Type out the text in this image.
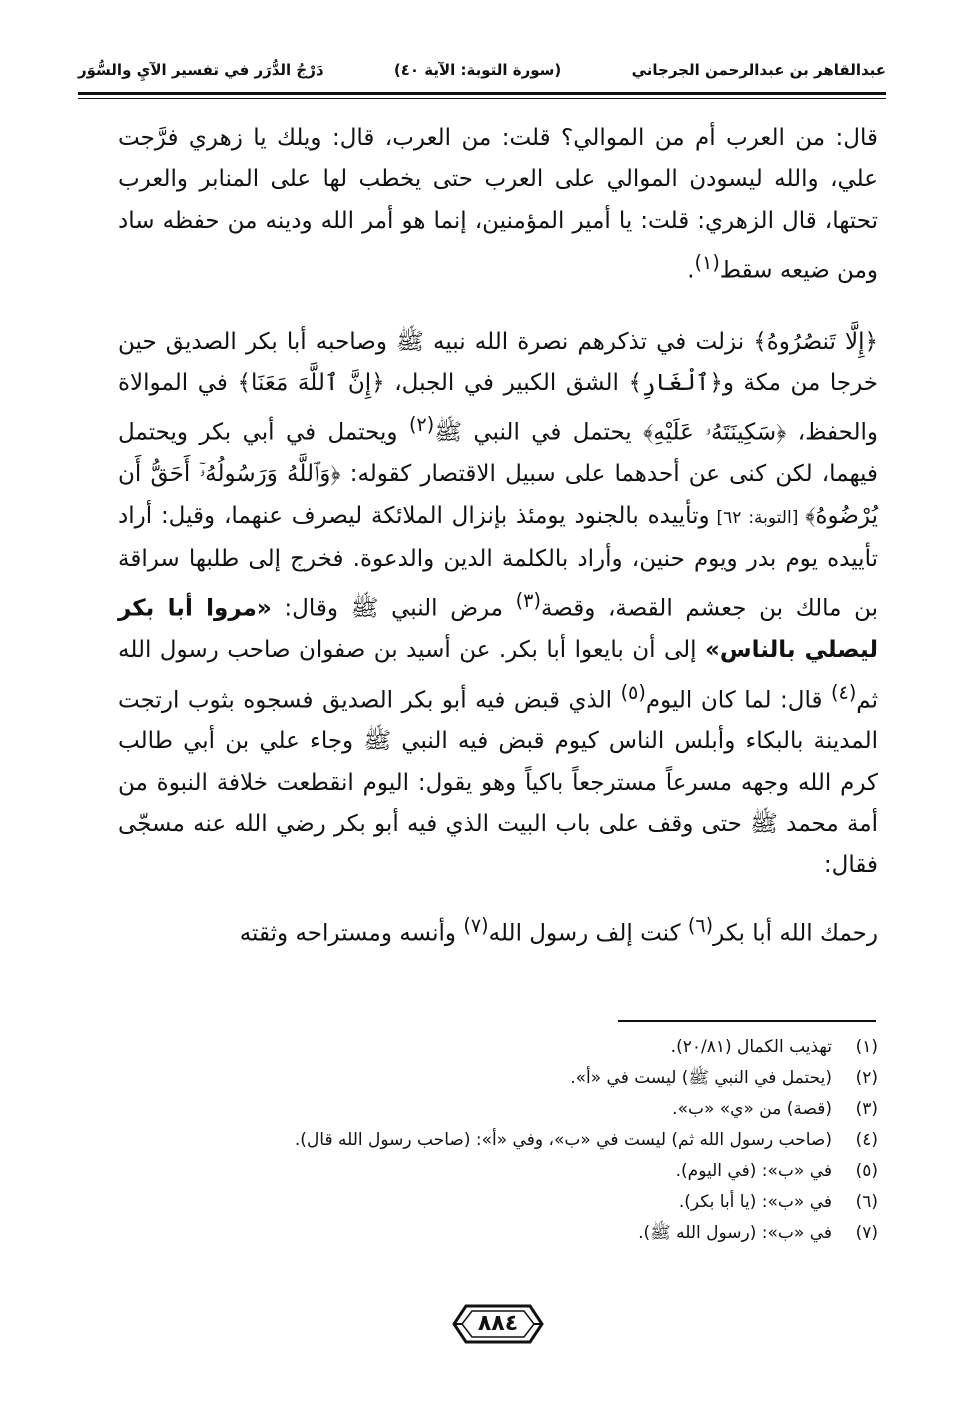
عبدالقاهر بن عبدالرحمن الجرجاني
(سورة التوبة: الآية ٤٠)
دَرْجُ الدُّرَر في تفسير الآيِ والسُّوَر

قال: من العرب أم من الموالي؟ قلت: من العرب، قال: ويلك يا زهري فرَّجت علي، والله ليسودن الموالي على العرب حتى يخطب لها على المنابر والعرب تحتها، قال الزهري: قلت: يا أمير المؤمنين، إنما هو أمر الله ودينه من حفظه ساد ومن ضيعه سقط$^{(١)}$.

﴿إِلَّا تَنصُرُوهُ﴾ نزلت في تذكرهم نصرة الله نبيه ﷺ وصاحبه أبا بكر الصديق حين خرجا من مكة و﴿ٱلْغَارِ﴾ الشق الكبير في الجبل، ﴿إِنَّ ٱللَّهَ مَعَنَا﴾ في الموالاة والحفظ، ﴿سَكِينَتَهُۥ عَلَيْهِ﴾ يحتمل في النبي ﷺ$^{(٢)}$ ويحتمل في أبي بكر ويحتمل فيهما، لكن كنى عن أحدهما على سبيل الاقتصار كقوله: ﴿وَٱللَّهُ وَرَسُولُهُۥٓ أَحَقُّ أَن يُرْضُوهُ﴾ [التوبة: ٦٢] وتأييده بالجنود يومئذ بإنزال الملائكة ليصرف عنهما، وقيل: أراد تأييده يوم بدر ويوم حنين، وأراد بالكلمة الدين والدعوة. فخرج إلى طلبها سراقة بن مالك بن جعشم القصة، وقصة$^{(٣)}$ مرض النبي ﷺ وقال: «مروا أبا بكر ليصلي بالناس» إلى أن بايعوا أبا بكر. عن أسيد بن صفوان صاحب رسول الله ثم$^{(٤)}$ قال: لما كان اليوم$^{(٥)}$ الذي قبض فيه أبو بكر الصديق فسجوه بثوب ارتجت المدينة بالبكاء وأبلس الناس كيوم قبض فيه النبي ﷺ وجاء علي بن أبي طالب كرم الله وجهه مسرعاً مسترجعاً باكياً وهو يقول: اليوم انقطعت خلافة النبوة من أمة محمد ﷺ حتى وقف على باب البيت الذي فيه أبو بكر رضي الله عنه مسجّى فقال:

رحمك الله أبا بكر$^{(٦)}$ كنت إلف رسول الله$^{(٧)}$ وأنسه ومستراحه وثقته

(١)
تهذيب الكمال (٢٠/٨١).
(٢)
(يحتمل في النبي ﷺ) ليست في «أ».
(٣)
(قصة) من «ي» «ب».
(٤)
(صاحب رسول الله ثم) ليست في «ب»، وفي «أ»: (صاحب رسول الله قال).
(٥)
في «ب»: (في اليوم).
(٦)
في «ب»: (يا أبا بكر).
(٧)
في «ب»: (رسول الله ﷺ).
٨٨٤
